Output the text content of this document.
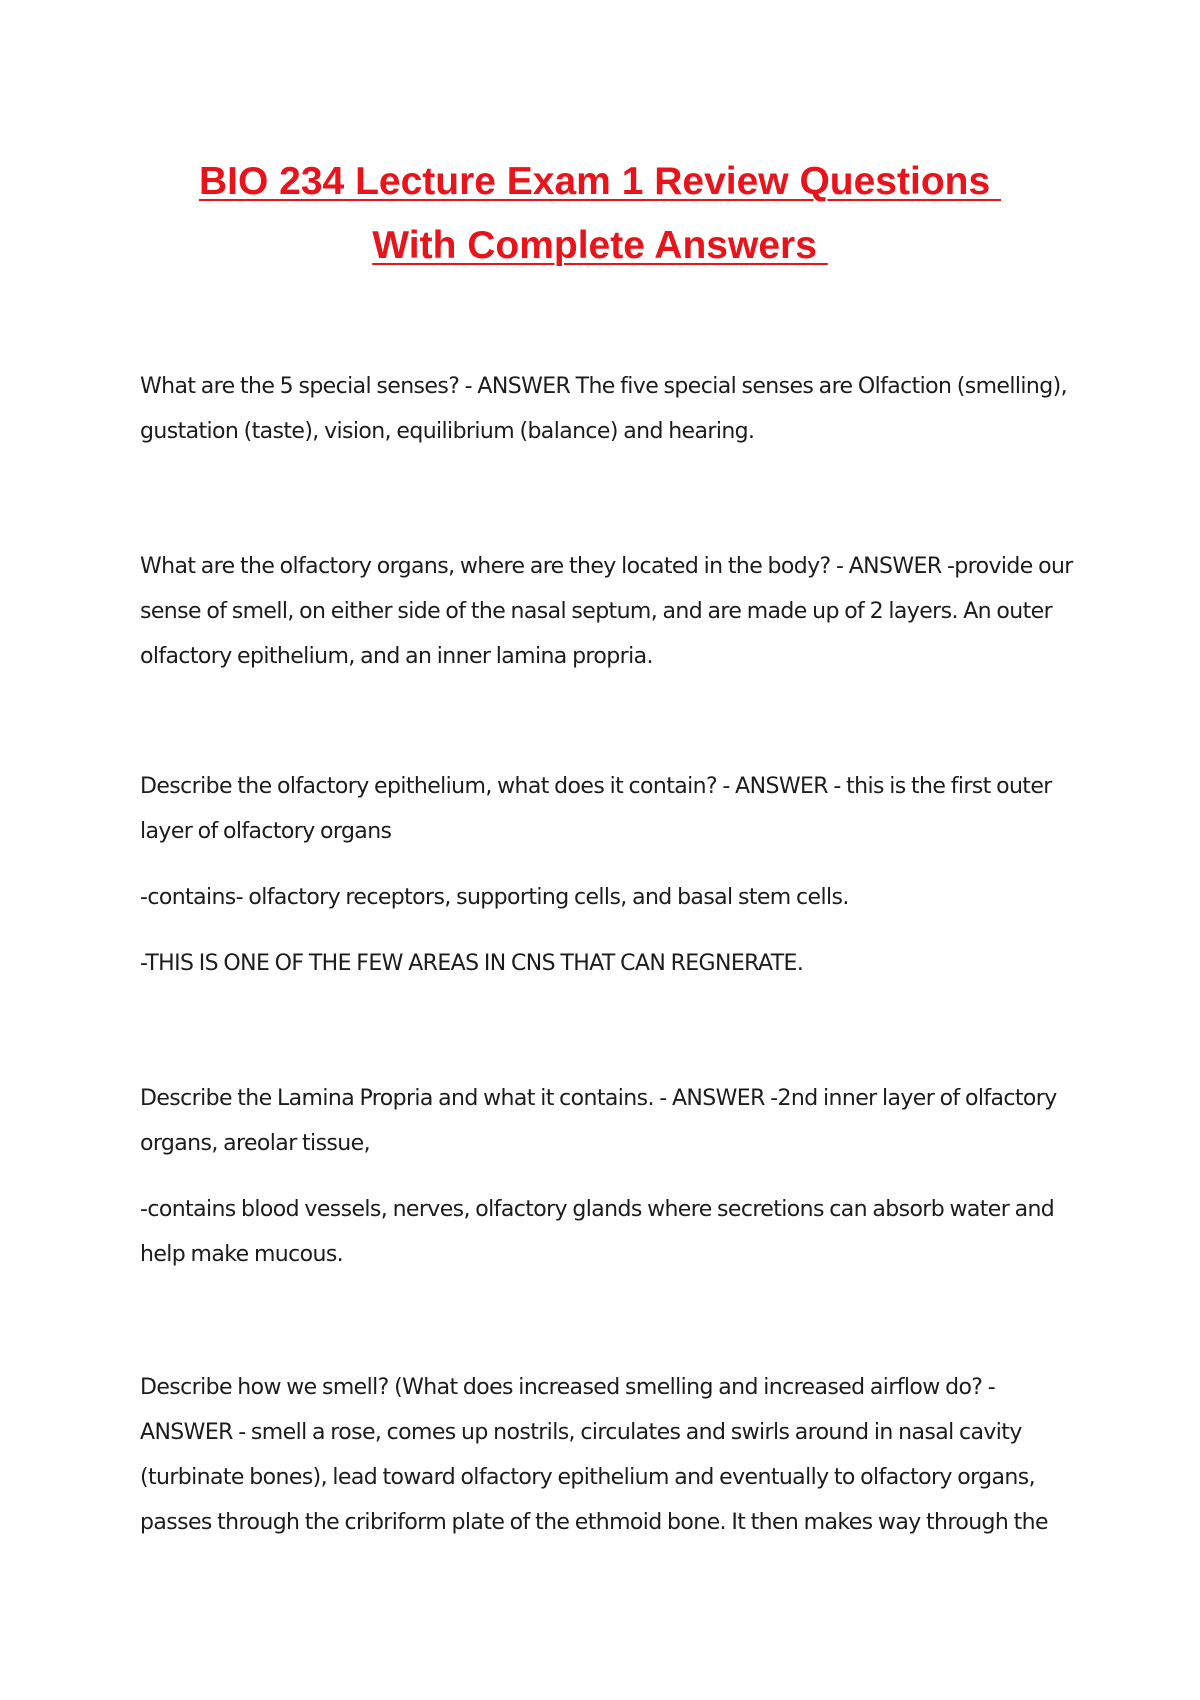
BIO 234 Lecture Exam 1 Review Questions
With Complete Answers

What are the 5 special senses? - ANSWER The five special senses are Olfaction (smelling), gustation (taste), vision, equilibrium (balance) and hearing.

What are the olfactory organs, where are they located in the body? - ANSWER -provide our sense of smell, on either side of the nasal septum, and are made up of 2 layers. An outer olfactory epithelium, and an inner lamina propria.

Describe the olfactory epithelium, what does it contain? - ANSWER - this is the first outer layer of olfactory organs

-contains- olfactory receptors, supporting cells, and basal stem cells.

-THIS IS ONE OF THE FEW AREAS IN CNS THAT CAN REGNERATE.

Describe the Lamina Propria and what it contains. - ANSWER -2nd inner layer of olfactory organs, areolar tissue,

-contains blood vessels, nerves, olfactory glands where secretions can absorb water and help make mucous.

Describe how we smell? (What does increased smelling and increased airflow do? - ANSWER - smell a rose, comes up nostrils, circulates and swirls around in nasal cavity (turbinate bones), lead toward olfactory epithelium and eventually to olfactory organs, passes through the cribriform plate of the ethmoid bone. It then makes way through the
